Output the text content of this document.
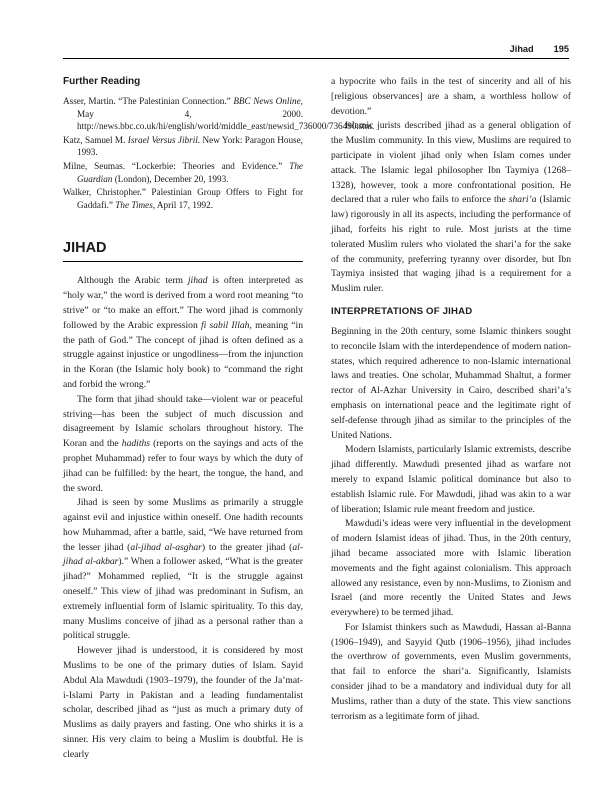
Jihad 195
Further Reading

Asser, Martin. “The Palestinian Connection.” BBC News Online, May 4, 2000. http://news.bbc.co.uk/hi/english/world/middle_east/newsid_736000/736490.stm.

Katz, Samuel M. Israel Versus Jibril. New York: Paragon House, 1993.

Milne, Seumas. “Lockerbie: Theories and Evidence.” The Guardian (London), December 20, 1993.

Walker, Christopher.” Palestinian Group Offers to Fight for Gaddafi.” The Times, April 17, 1992.

JIHAD

Although the Arabic term jihad is often interpreted as “holy war,” the word is derived from a word root meaning “to strive” or “to make an effort.” The word jihad is commonly followed by the Arabic expression fi sabil Illah, meaning “in the path of God.” The concept of jihad is often defined as a struggle against injustice or ungodliness—from the injunction in the Koran (the Islamic holy book) to “command the right and forbid the wrong.”

The form that jihad should take—violent war or peaceful striving—has been the subject of much discussion and disagreement by Islamic scholars throughout history. The Koran and the hadiths (reports on the sayings and acts of the prophet Muhammad) refer to four ways by which the duty of jihad can be fulfilled: by the heart, the tongue, the hand, and the sword.

Jihad is seen by some Muslims as primarily a struggle against evil and injustice within oneself. One hadith recounts how Muhammad, after a battle, said, “We have returned from the lesser jihad (al-jihad al-asghar) to the greater jihad (al-jihad al-akbar).” When a follower asked, “What is the greater jihad?” Mohammed replied, “It is the struggle against oneself.” This view of jihad was predominant in Sufism, an extremely influential form of Islamic spirituality. To this day, many Muslims conceive of jihad as a personal rather than a political struggle.

However jihad is understood, it is considered by most Muslims to be one of the primary duties of Islam. Sayid Abdul Ala Mawdudi (1903–1979), the founder of the Ja’mat-i-Islami Party in Pakistan and a leading fundamentalist scholar, described jihad as “just as much a primary duty of Muslims as daily prayers and fasting. One who shirks it is a sinner. His very claim to being a Muslim is doubtful. He is clearly

a hypocrite who fails in the test of sincerity and all of his [religious observances] are a sham, a worthless hollow of devotion.”

Islamic jurists described jihad as a general obligation of the Muslim community. In this view, Muslims are required to participate in violent jihad only when Islam comes under attack. The Islamic legal philosopher Ibn Taymiya (1268–1328), however, took a more confrontational position. He declared that a ruler who fails to enforce the shari’a (Islamic law) rigorously in all its aspects, including the performance of jihad, forfeits his right to rule. Most jurists at the time tolerated Muslim rulers who violated the shari’a for the sake of the community, preferring tyranny over disorder, but Ibn Taymiya insisted that waging jihad is a requirement for a Muslim ruler.

INTERPRETATIONS OF JIHAD

Beginning in the 20th century, some Islamic thinkers sought to reconcile Islam with the interdependence of modern nation-states, which required adherence to non-Islamic international laws and treaties. One scholar, Muhammad Shaltut, a former rector of Al-Azhar University in Cairo, described shari’a’s emphasis on international peace and the legitimate right of self-defense through jihad as similar to the principles of the United Nations.

Modern Islamists, particularly Islamic extremists, describe jihad differently. Mawdudi presented jihad as warfare not merely to expand Islamic political dominance but also to establish Islamic rule. For Mawdudi, jihad was akin to a war of liberation; Islamic rule meant freedom and justice.

Mawdudi’s ideas were very influential in the development of modern Islamist ideas of jihad. Thus, in the 20th century, jihad became associated more with Islamic liberation movements and the fight against colonialism. This approach allowed any resistance, even by non-Muslims, to Zionism and Israel (and more recently the United States and Jews everywhere) to be termed jihad.

For Islamist thinkers such as Mawdudi, Hassan al-Banna (1906–1949), and Sayyid Qutb (1906–1956), jihad includes the overthrow of governments, even Muslim governments, that fail to enforce the shari’a. Significantly, Islamists consider jihad to be a mandatory and individual duty for all Muslims, rather than a duty of the state. This view sanctions terrorism as a legitimate form of jihad.
